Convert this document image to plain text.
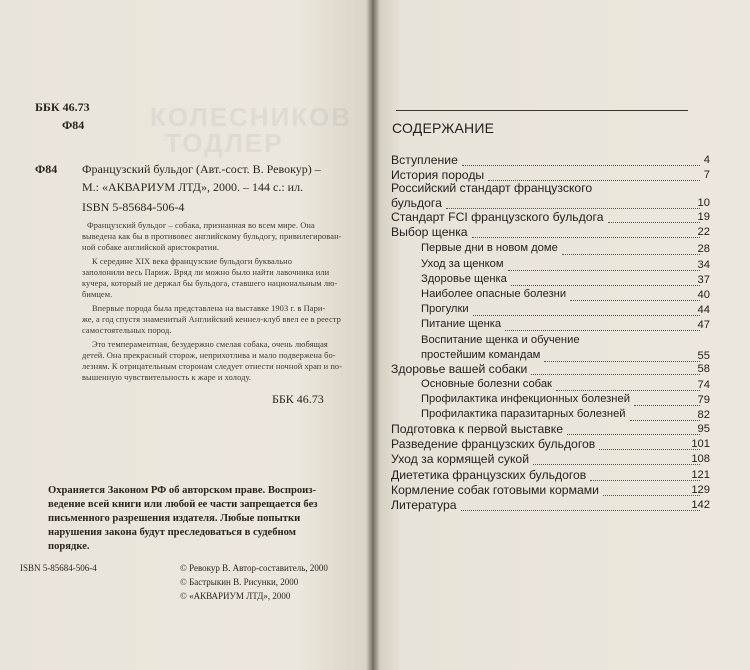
КОЛЕСНИКОВ
ТОДЛЕР
ББК 46.73
Ф84
Ф84 Французский бульдог (Авт.-сост. В. Ревокур) –
М.: «АКВАРИУМ ЛТД», 2000. – 144 с.: ил.
ISBN 5-85684-506-4
Французский бульдог – собака, признанная во всем мире. Она
выведена как бы в противовес английскому бульдогу, привилегирован-
ной собаке английской аристократии.
К середине XIX века французские бульдоги буквально
заполонили весь Париж. Вряд ли можно было найти лавочника или
кучера, который не держал бы бульдога, ставшего национальным лю-
бимцем.
Впервые порода была представлена на выставке 1903 г. в Пари-
же, а год спустя знаменитый Английский кеннел-клуб ввел ее в реестр
самостоятельных пород.
Это темпераментная, безудержно смелая собака, очень любящая
детей. Она прекрасный сторож, неприхотлива и мало подвержена бо-
лезням. К отрицательным сторонам следует отнести ночной храп и по-
вышенную чувствительность к жаре и холоду.
ББК 46.73
Охраняется Законом РФ об авторском праве. Воспроиз-
ведение всей книги или любой ее части запрещается без
письменного разрешения издателя. Любые попытки
нарушения закона будут преследоваться в судебном
порядке.
ISBN 5-85684-506-4	© Ревокур В. Автор-составитель, 2000
© Бастрыкин В. Рисунки, 2000
© «АКВАРИУМ ЛТД», 2000
СОДЕРЖАНИЕ
Вступление	4
История породы	7
Российский стандарт французского
бульдога	10
Стандарт FCI французского бульдога	19
Выбор щенка	22
Первые дни в новом доме	28
Уход за щенком	34
Здоровье щенка	37
Наиболее опасные болезни	40
Прогулки	44
Питание щенка	47
Воспитание щенка и обучение
простейшим командам	55
Здоровье вашей собаки	58
Основные болезни собак	74
Профилактика инфекционных болезней	79
Профилактика паразитарных болезней	82
Подготовка к первой выставке	95
Разведение французских бульдогов	101
Уход за кормящей сукой	108
Диететика французских бульдогов	121
Кормление собак готовыми кормами	129
Литература	142
